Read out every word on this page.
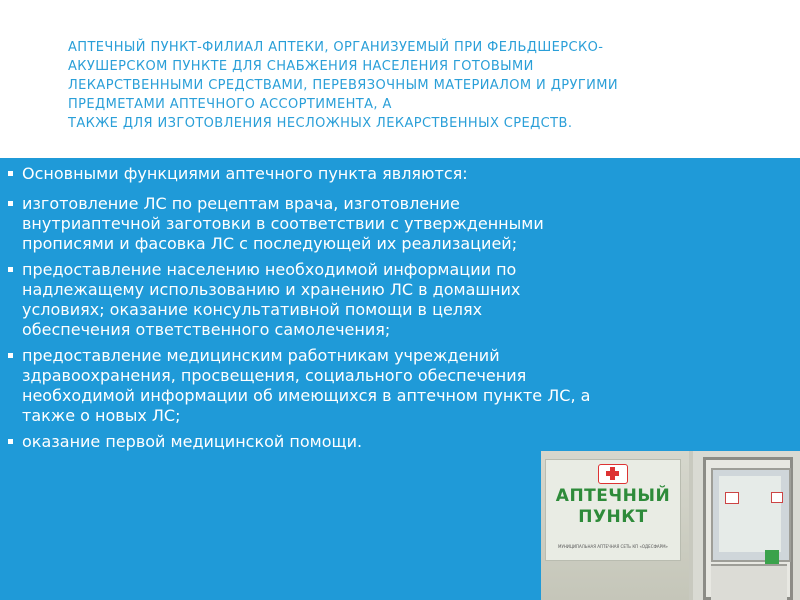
АПТЕЧНЫЙ ПУНКТ-ФИЛИАЛ АПТЕКИ, ОРГАНИЗУЕМЫЙ ПРИ ФЕЛЬДШЕРСКО-
АКУШЕРСКОМ ПУНКТЕ ДЛЯ СНАБЖЕНИЯ НАСЕЛЕНИЯ ГОТОВЫМИ
ЛЕКАРСТВЕННЫМИ СРЕДСТВАМИ, ПЕРЕВЯЗОЧНЫМ МАТЕРИАЛОМ И ДРУГИМИ
ПРЕДМЕТАМИ АПТЕЧНОГО АССОРТИМЕНТА, А
ТАКЖЕ ДЛЯ ИЗГОТОВЛЕНИЯ НЕСЛОЖНЫХ ЛЕКАРСТВЕННЫХ СРЕДСТВ.
Основными функциями аптечного пункта являются:
изготовление ЛС по рецептам врача, изготовление внутриаптечной заготовки в соответствии с утвержденными прописями и фасовка ЛС с последующей их реализацией;
предоставление населению необходимой информации по надлежащему использованию и хранению ЛС в домашних условиях; оказание консультативной помощи в целях обеспечения ответственного самолечения;
предоставление медицинским работникам учреждений здравоохранения, просвещения, социального обеспечения необходимой информации об имеющихся в аптечном пункте ЛС, а также о новых ЛС;
оказание первой медицинской помощи.
АПТЕЧНЫЙ ПУНКТ
МУНИЦИПАЛЬНАЯ АПТЕЧНАЯ СЕТЬ КП «ОДЕСФАРМ»
